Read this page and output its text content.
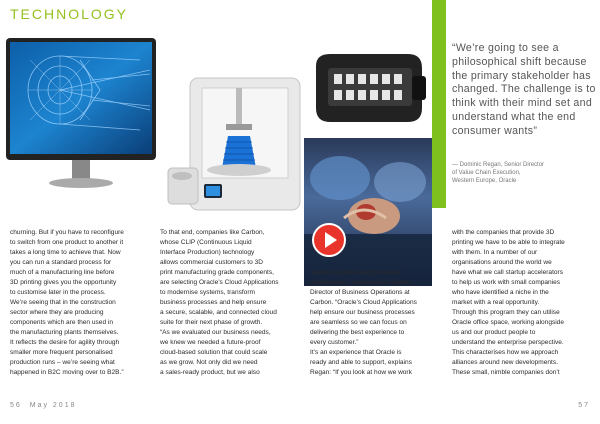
TECHNOLOGY
“We’re going to see a philosophical shift because the primary stakeholder has changed. The challenge is to think with their mind set and understand what the end consumer wants”
— Dominic Regan, Senior Director
of Value Chain Execution,
Western Europe, Oracle

churning. But if you have to reconfigure

to switch from one product to another it

takes a long time to achieve that. Now

you can run a standard process for

much of a manufacturing line before

3D printing gives you the opportunity

to customise later in the process.

We’re seeing that in the construction

sector where they are producing

components which are then used in

the manufacturing plants themselves.

It reflects the desire for agility through

smaller more frequent personalised

production runs – we’re seeing what

happened in B2C moving over to B2B.”

To that end, companies like Carbon,

whose CLIP (Continuous Liquid

Interface Production) technology

allows commercial customers to 3D

print manufacturing grade components,

are selecting Oracle’s Cloud Applications

to modernise systems, transform

business processes and help ensure

a secure, scalable, and connected cloud

suite for their next phase of growth.

“As we evaluated our business needs,

we knew we needed a future-proof

cloud-based solution that could scale

as we grow. Not only did we need

a sales-ready product, but we also

needed a sales-ready business

organisation,” asserts Chris Hutton,

Director of Business Operations at

Carbon. “Oracle’s Cloud Applications

help ensure our business processes

are seamless so we can focus on

delivering the best experience to

every customer.”

It’s an experience that Oracle is

ready and able to support, explains

Regan: “If you look at how we work

with the companies that provide 3D

printing we have to be able to integrate

with them. In a number of our

organisations around the world we

have what we call startup accelerators

to help us work with small companies

who have identified a niche in the

market with a real opportunity.

Through this program they can utilise

Oracle office space, working alongside

us and our product people to

understand the enterprise perspective.

This characterises how we approach

alliances around new developments.

These small, nimble companies don’t

56 May 2018	57
